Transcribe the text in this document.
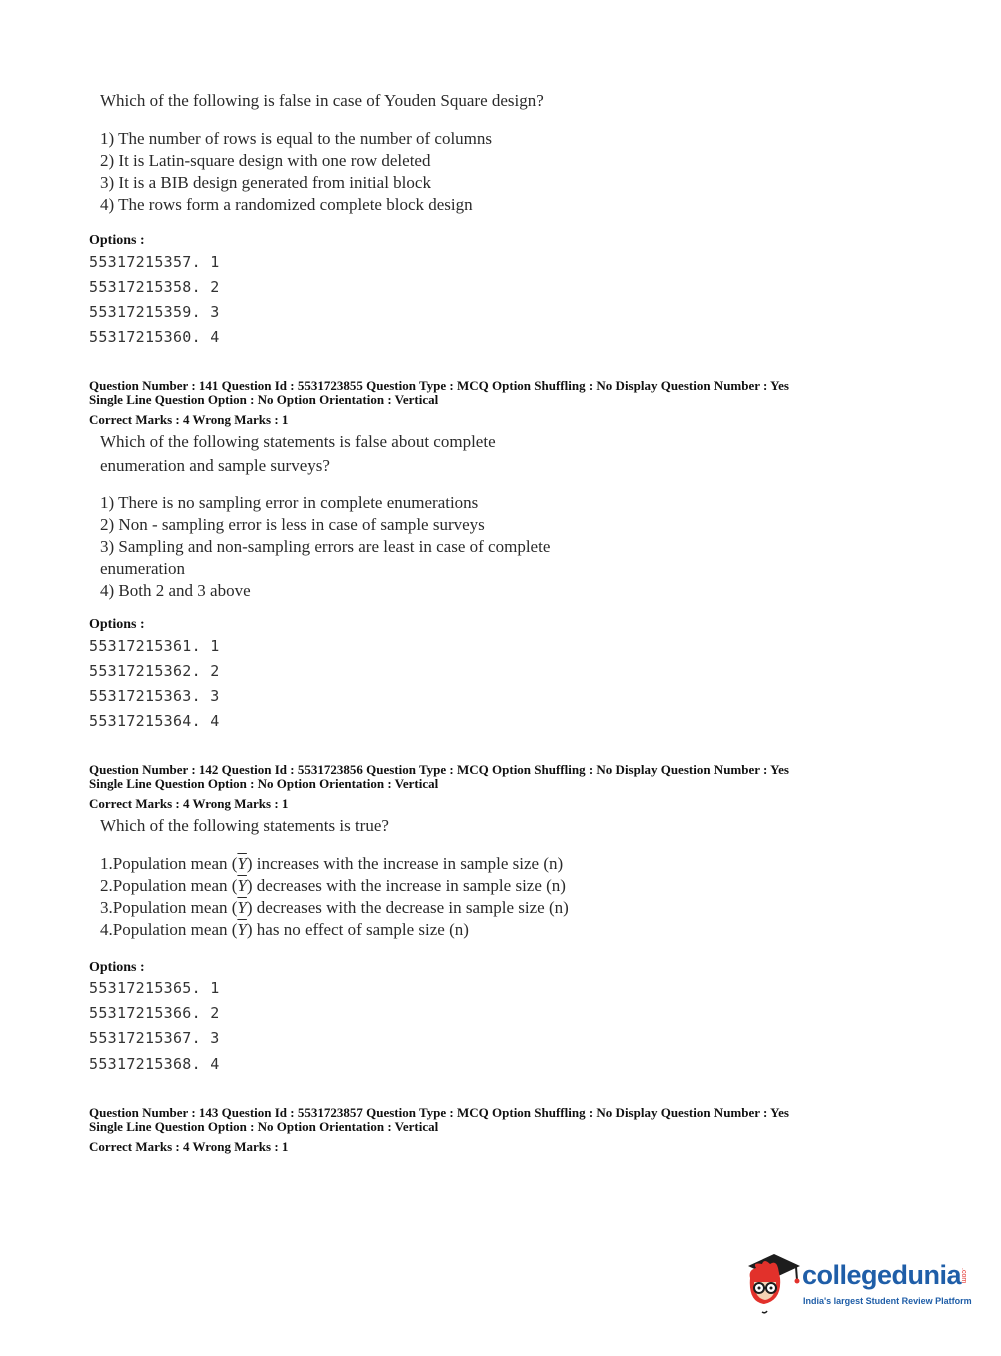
Which of the following is false in case of Youden Square design?
1) The number of rows is equal to the number of columns
2) It is Latin-square design with one row deleted
3) It is a BIB design generated from initial block
4) The rows form a randomized complete block design
Options :
55317215357. 1
55317215358. 2
55317215359. 3
55317215360. 4
Question Number : 141 Question Id : 5531723855 Question Type : MCQ Option Shuffling : No Display Question Number : Yes
Single Line Question Option : No Option Orientation : Vertical
Correct Marks : 4 Wrong Marks : 1
Which of the following statements is false about complete
enumeration and sample surveys?
1) There is no sampling error in complete enumerations
2) Non - sampling error is less in case of sample surveys
3) Sampling and non-sampling errors are least in case of complete
enumeration
4) Both 2 and 3 above
Options :
55317215361. 1
55317215362. 2
55317215363. 3
55317215364. 4
Question Number : 142 Question Id : 5531723856 Question Type : MCQ Option Shuffling : No Display Question Number : Yes
Single Line Question Option : No Option Orientation : Vertical
Correct Marks : 4 Wrong Marks : 1
Which of the following statements is true?
1.Population mean $(\overline{Y})$ increases with the increase in sample size (n)
2.Population mean $(\overline{Y})$ decreases with the increase in sample size (n)
3.Population mean $(\overline{Y})$ decreases with the decrease in sample size (n)
4.Population mean $(\overline{Y})$ has no effect of sample size (n)
Options :
55317215365. 1
55317215366. 2
55317215367. 3
55317215368. 4
Question Number : 143 Question Id : 5531723857 Question Type : MCQ Option Shuffling : No Display Question Number : Yes
Single Line Question Option : No Option Orientation : Vertical
Correct Marks : 4 Wrong Marks : 1
collegedunia
.com
India's largest Student Review Platform
